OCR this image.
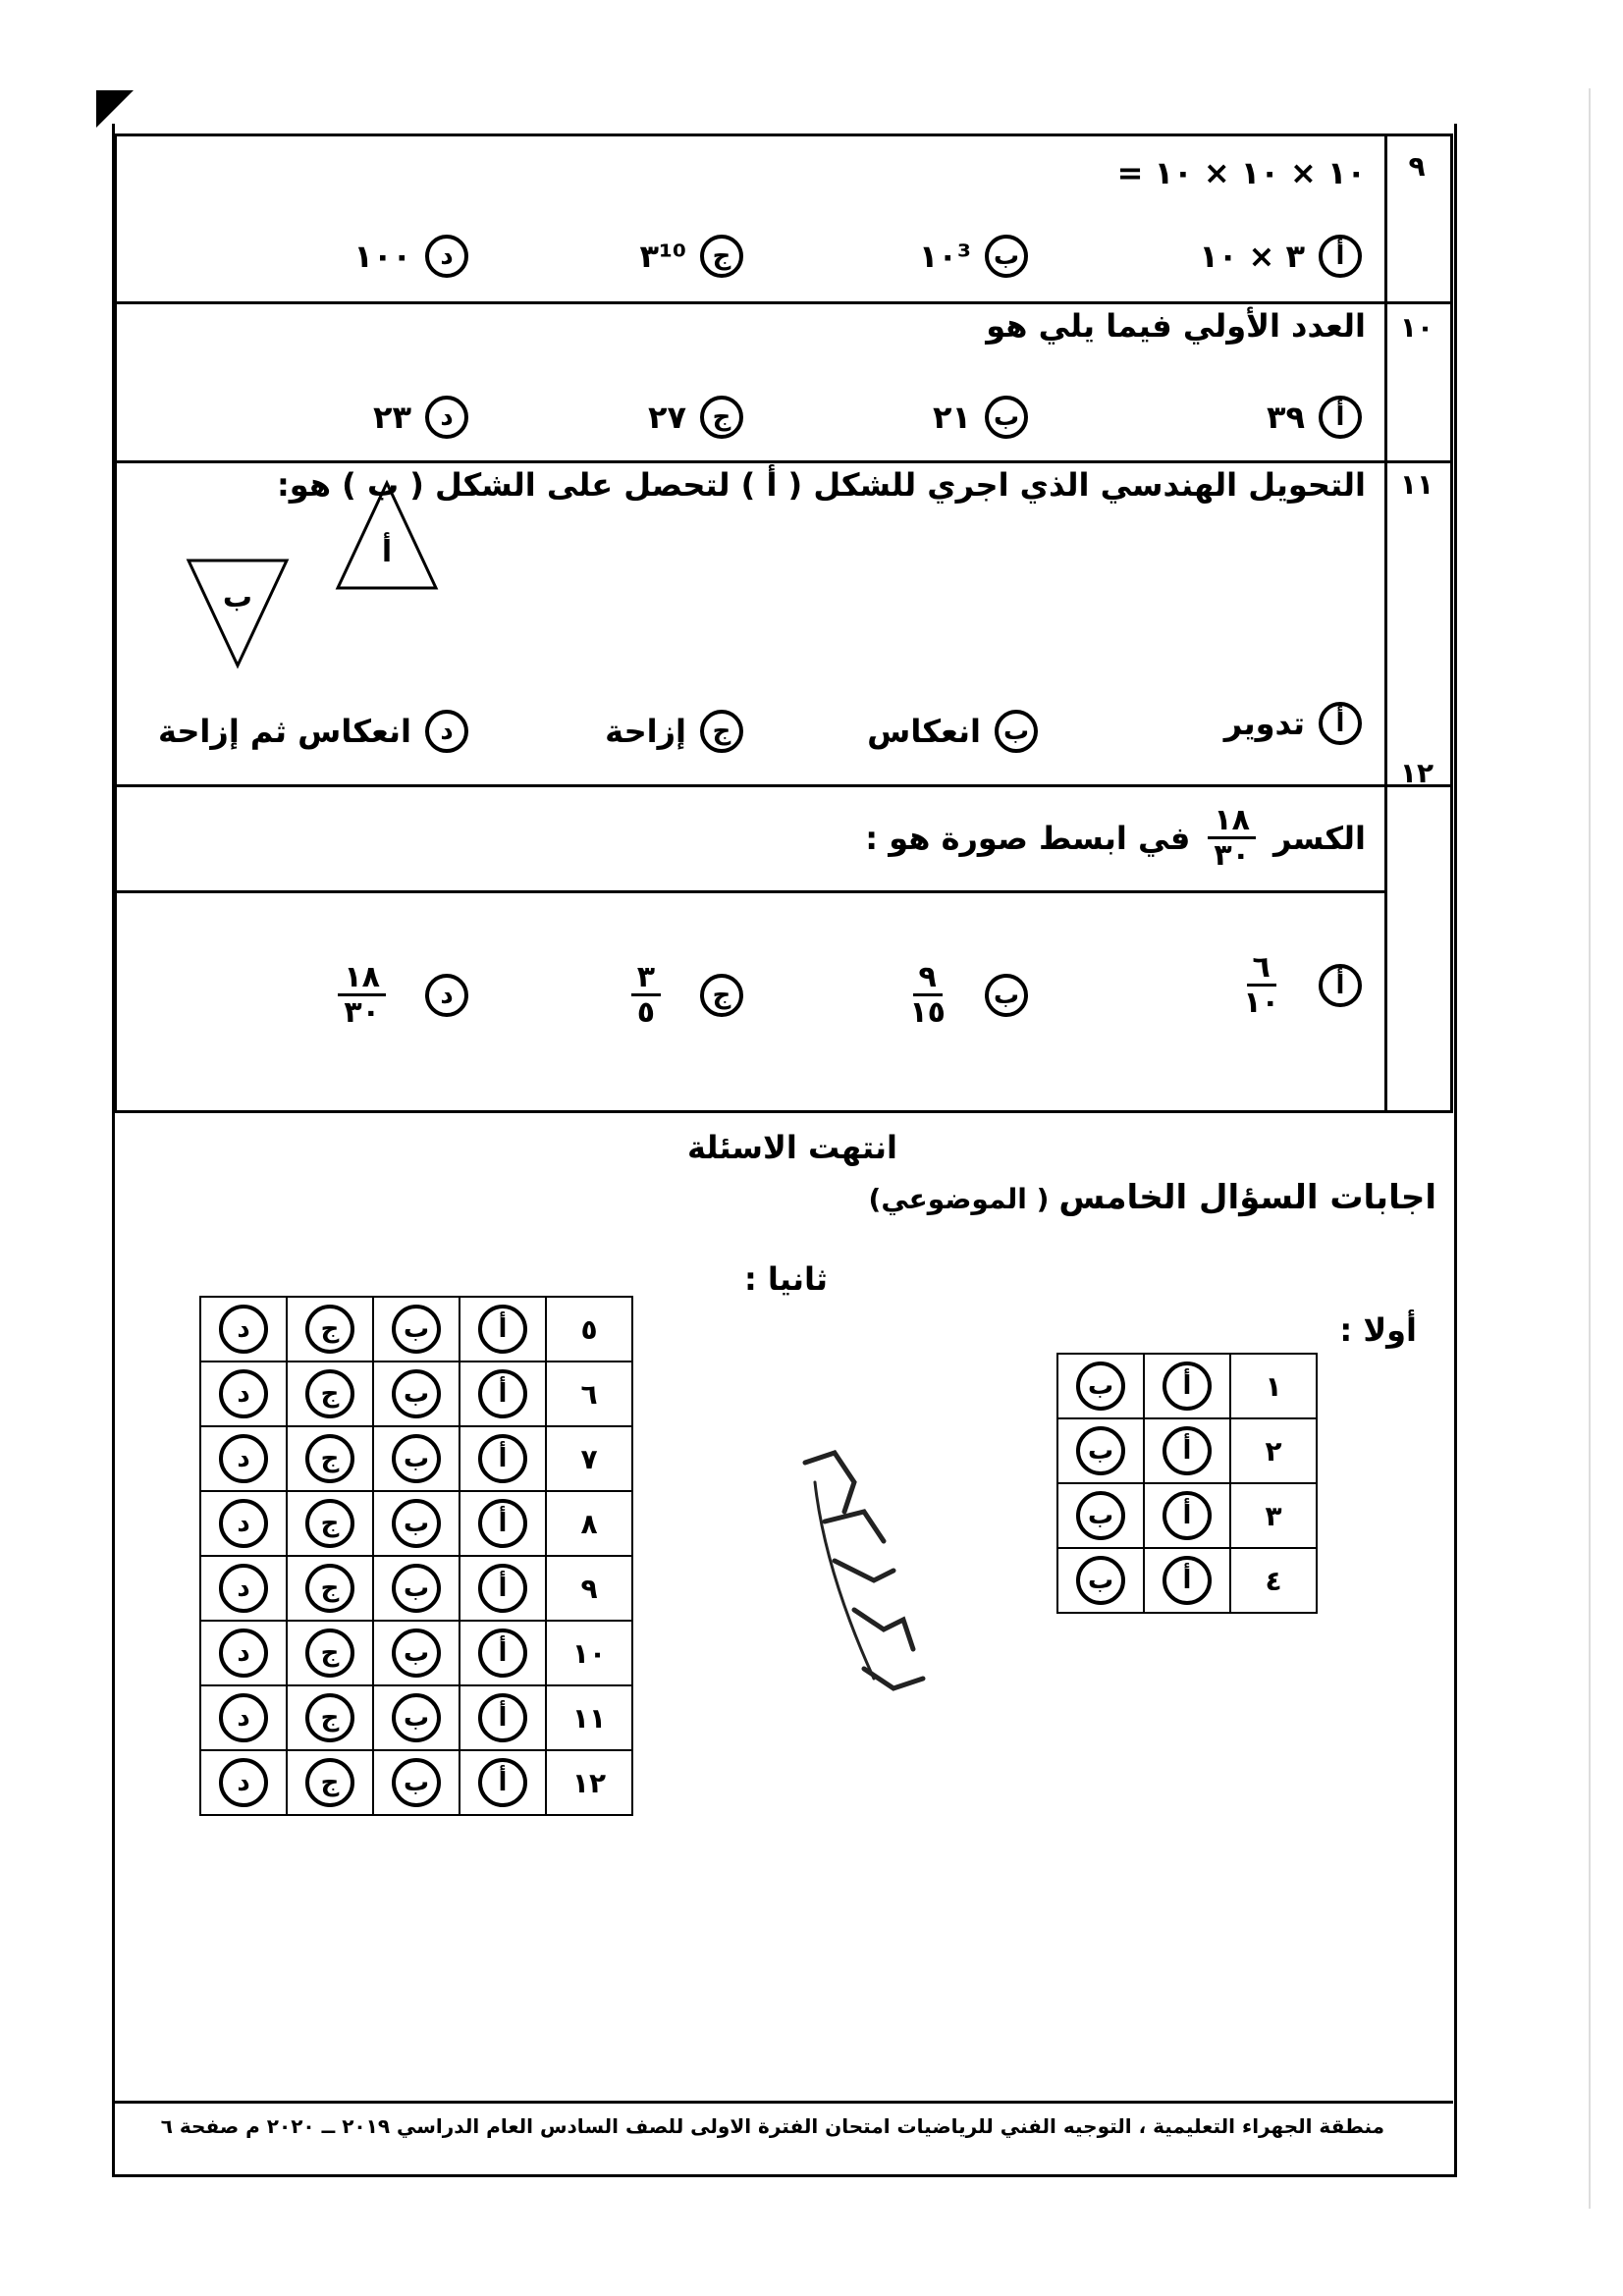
٩
١٠ × ١٠ × ١٠ =
أ
٣ × ١٠
ب
١٠³
ج
٣¹⁰
د
١٠٠
١٠
العدد الأولي فيما يلي هو
أ
٣٩
ب
٢١
ج
٢٧
د
٢٣
١١
التحويل الهندسي الذي اجري للشكل ( أ ) لتحصل على الشكل ( ب ) هو:
أ
ب
أ
تدوير
ب
انعكاس
ج
إزاحة
د
انعكاس ثم إزاحة
١٢
الكسر
$\frac{١٨}{٣٠}$
في ابسط صورة هو :
أ
$\frac{٦}{١٠}$
ب
$\frac{٩}{١٥}$
ج
$\frac{٣}{٥}$
د
$\frac{١٨}{٣٠}$
انتهت الاسئلة
اجابات السؤال الخامس
( الموضوعي)
ثانيا :
أولا :
١	أ	ب
٢	أ	ب
٣	أ	ب
٤	أ	ب
٥	أ	ب	ج	د
٦	أ	ب	ج	د
٧	أ	ب	ج	د
٨	أ	ب	ج	د
٩	أ	ب	ج	د
١٠	أ	ب	ج	د
١١	أ	ب	ج	د
١٢	أ	ب	ج	د
منطقة الجهراء التعليمية ، التوجيه الفني للرياضيات امتحان الفترة الاولى للصف السادس العام الدراسي ٢٠١٩ ــ ٢٠٢٠ م صفحة ٦
